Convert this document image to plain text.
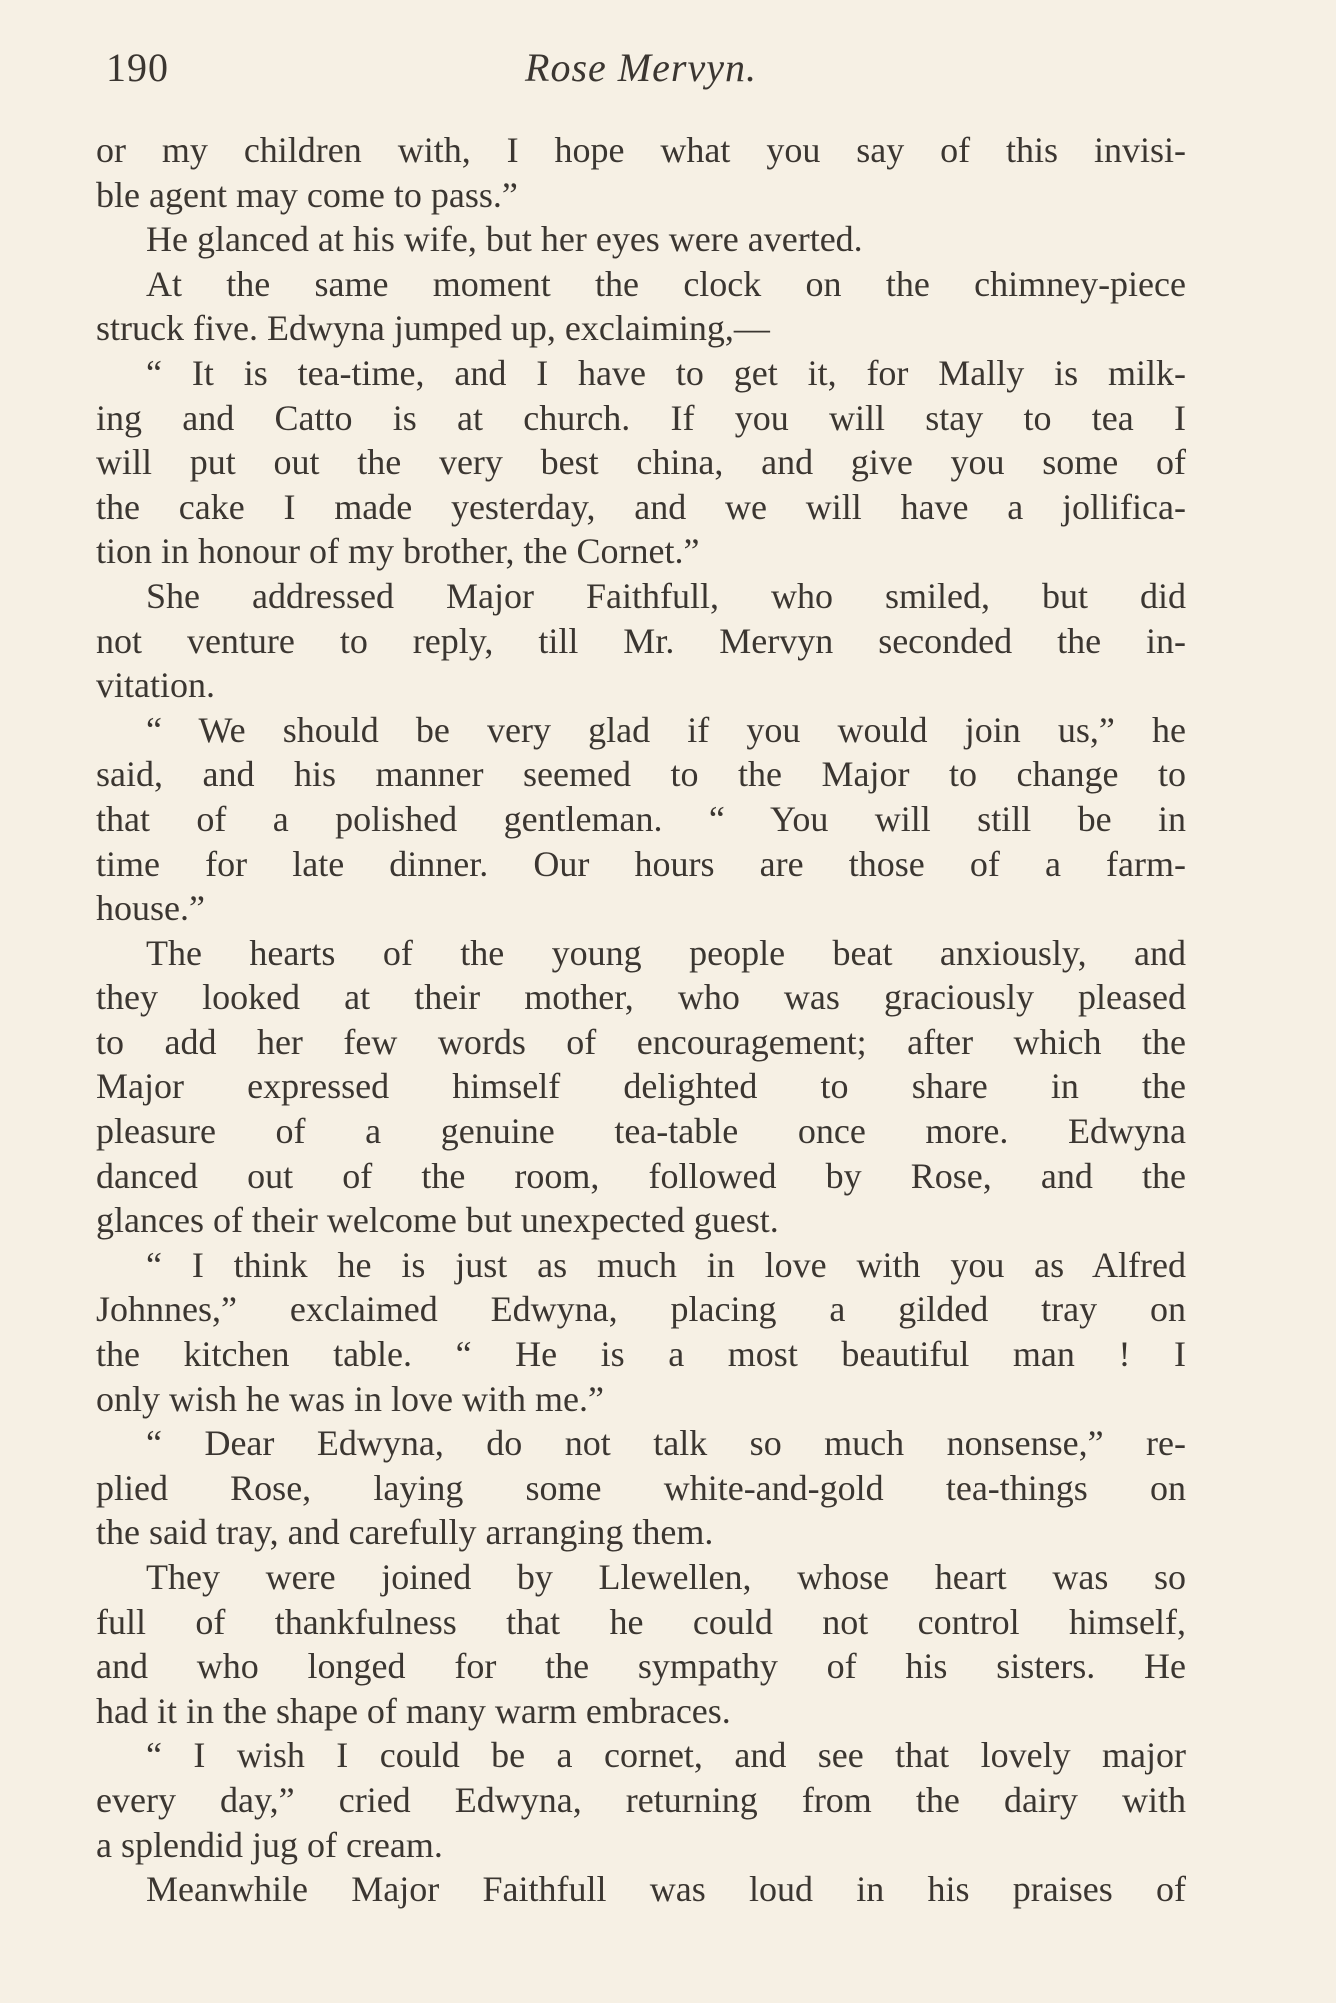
190	Rose Mervyn.
or my children with, I hope what you say of this invisi-
ble agent may come to pass.”
He glanced at his wife, but her eyes were averted.
At the same moment the clock on the chimney-piece
struck five. Edwyna jumped up, exclaiming,—
“ It is tea-time, and I have to get it, for Mally is milk-
ing and Catto is at church. If you will stay to tea I
will put out the very best china, and give you some of
the cake I made yesterday, and we will have a jollifica-
tion in honour of my brother, the Cornet.”
She addressed Major Faithfull, who smiled, but did
not venture to reply, till Mr. Mervyn seconded the in-
vitation.
“ We should be very glad if you would join us,” he
said, and his manner seemed to the Major to change to
that of a polished gentleman. “ You will still be in
time for late dinner. Our hours are those of a farm-
house.”
The hearts of the young people beat anxiously, and
they looked at their mother, who was graciously pleased
to add her few words of encouragement; after which the
Major expressed himself delighted to share in the
pleasure of a genuine tea-table once more. Edwyna
danced out of the room, followed by Rose, and the
glances of their welcome but unexpected guest.
“ I think he is just as much in love with you as Alfred
Johnnes,” exclaimed Edwyna, placing a gilded tray on
the kitchen table. “ He is a most beautiful man ! I
only wish he was in love with me.”
“ Dear Edwyna, do not talk so much nonsense,” re-
plied Rose, laying some white-and-gold tea-things on
the said tray, and carefully arranging them.
They were joined by Llewellen, whose heart was so
full of thankfulness that he could not control himself,
and who longed for the sympathy of his sisters. He
had it in the shape of many warm embraces.
“ I wish I could be a cornet, and see that lovely major
every day,” cried Edwyna, returning from the dairy with
a splendid jug of cream.
Meanwhile Major Faithfull was loud in his praises of
